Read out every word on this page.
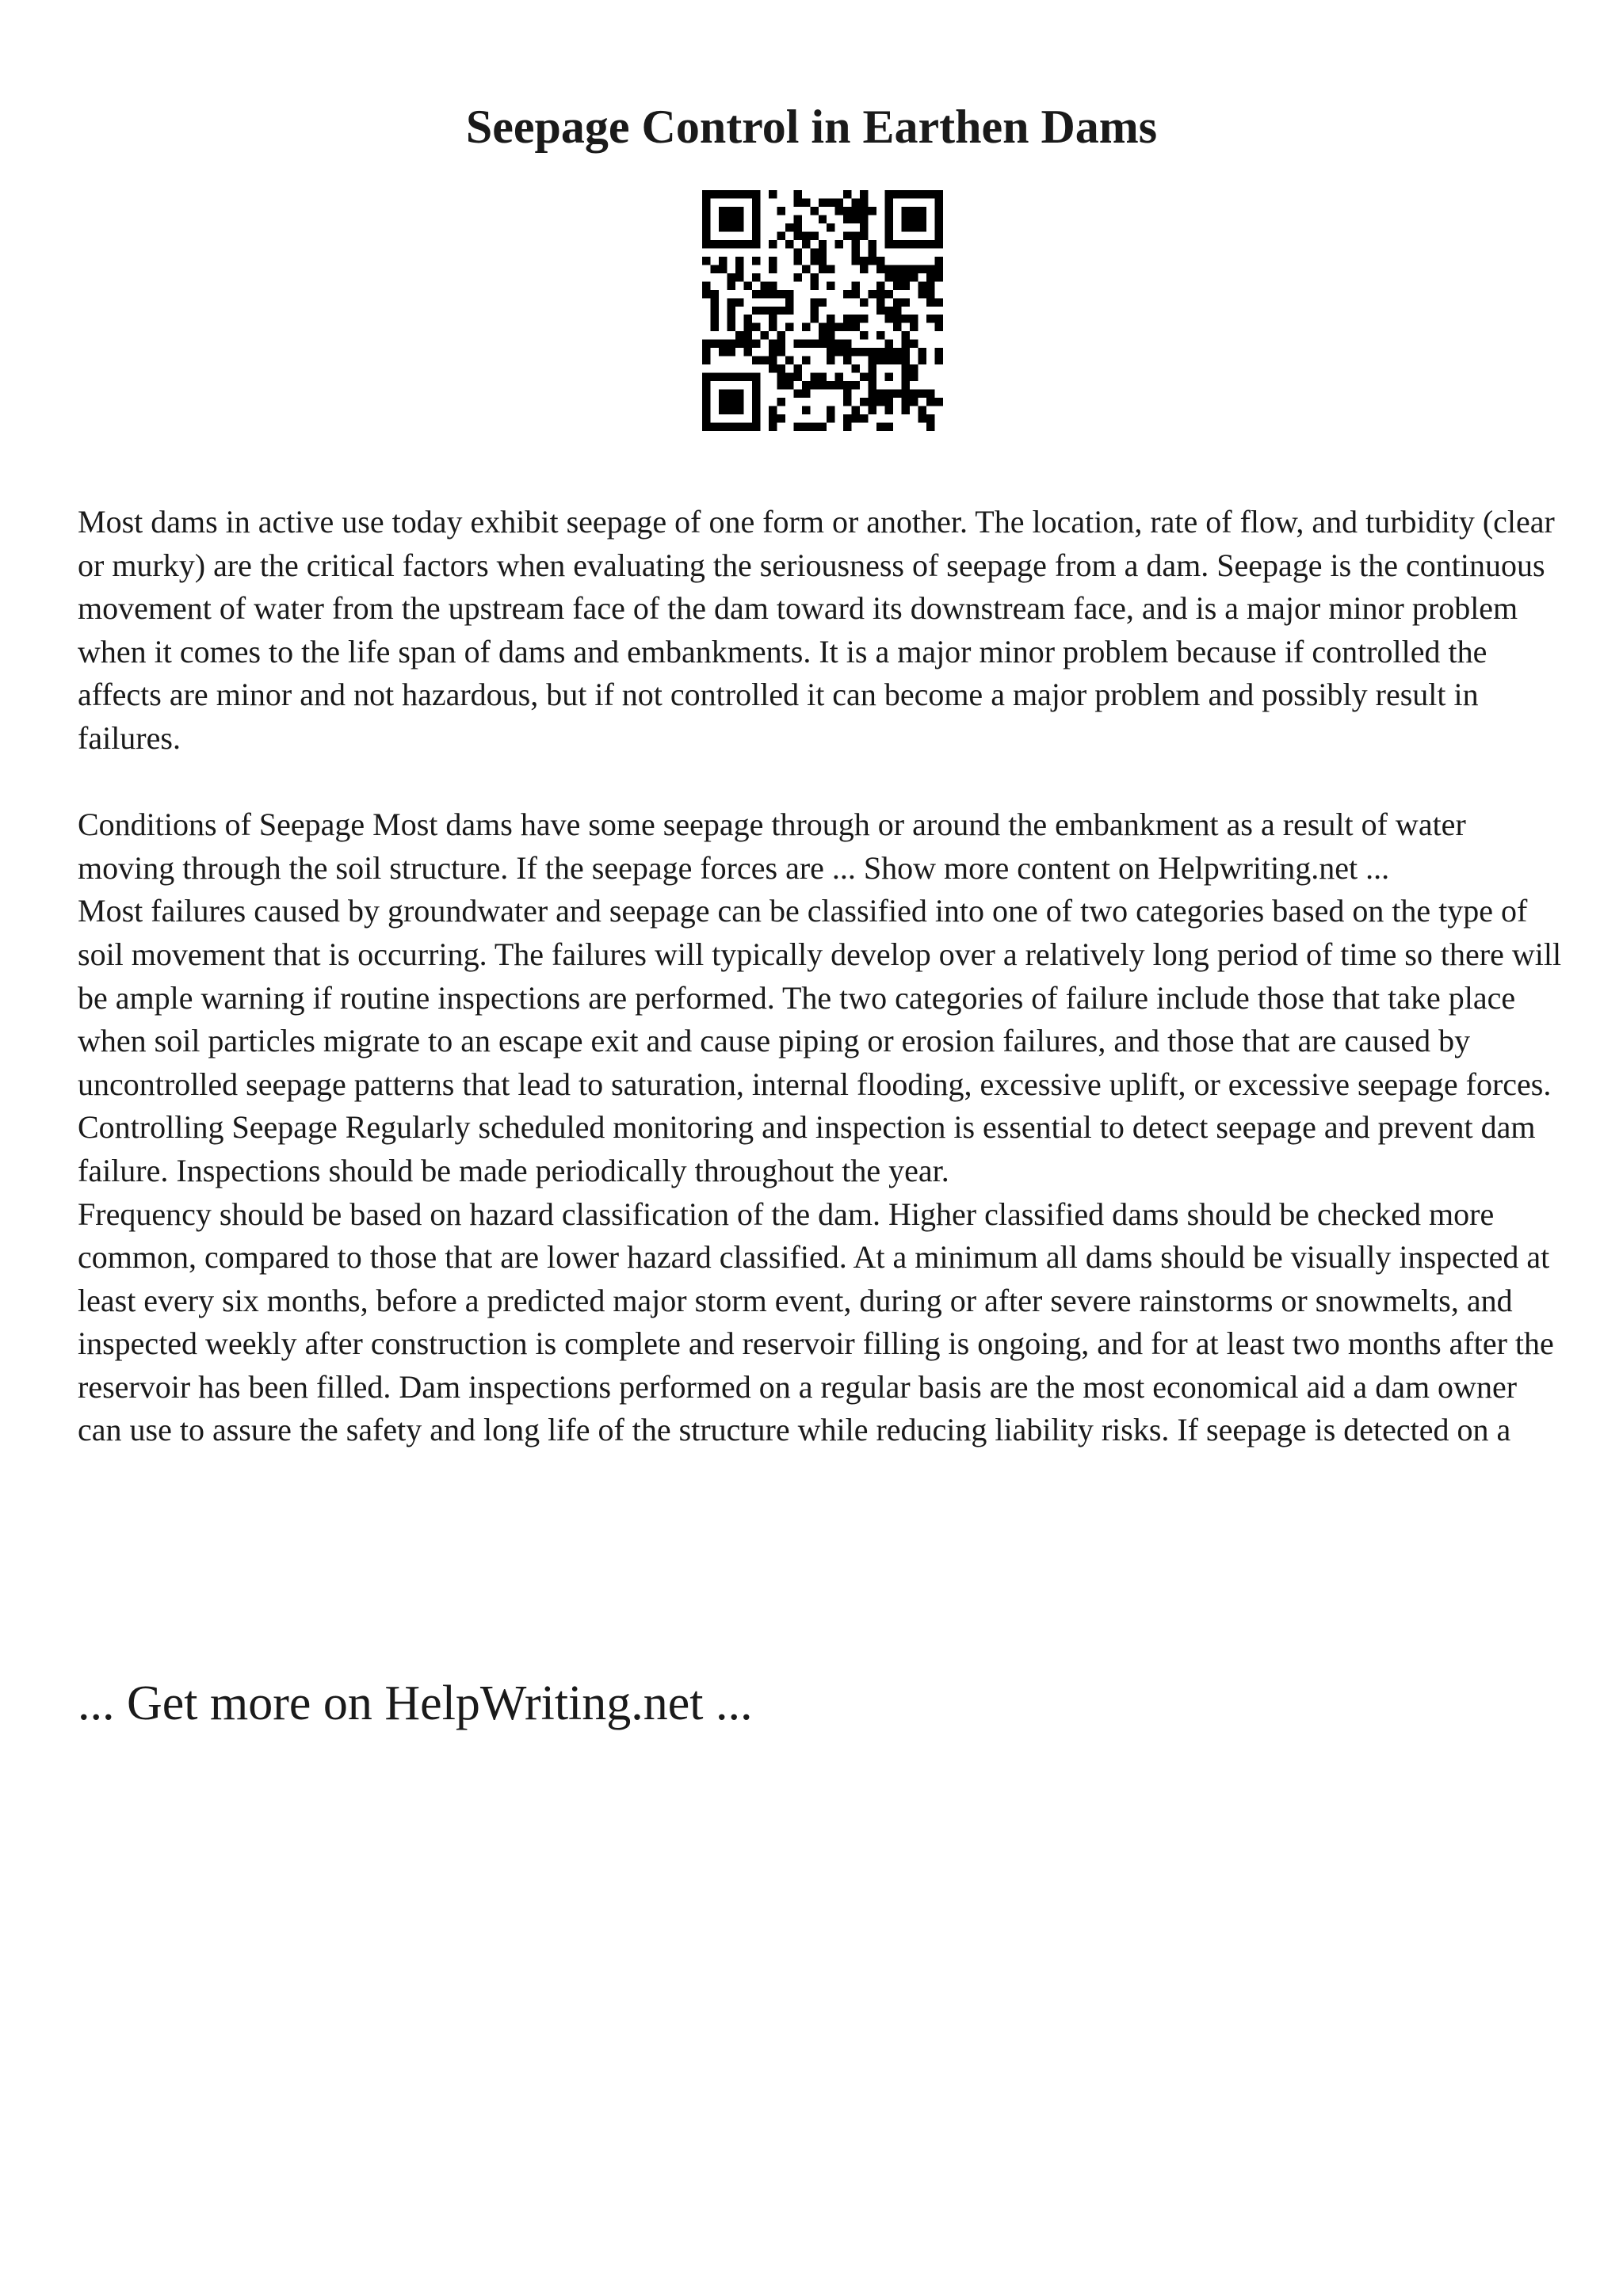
Seepage Control in Earthen Dams

Most dams in active use today exhibit seepage of one form or another. The location, rate of flow, and turbidity (clear or murky) are the critical factors when evaluating the seriousness of seepage from a dam. Seepage is the continuous movement of water from the upstream face of the dam toward its downstream face, and is a major minor problem when it comes to the life span of dams and embankments. It is a major minor problem because if controlled the affects are minor and not hazardous, but if not controlled it can become a major problem and possibly result in failures.

Conditions of Seepage Most dams have some seepage through or around the embankment as a result of water moving through the soil structure. If the seepage forces are ... Show more content on Helpwriting.net ...

Most failures caused by groundwater and seepage can be classified into one of two categories based on the type of soil movement that is occurring. The failures will typically develop over a relatively long period of time so there will be ample warning if routine inspections are performed. The two categories of failure include those that take place when soil particles migrate to an escape exit and cause piping or erosion failures, and those that are caused by uncontrolled seepage patterns that lead to saturation, internal flooding, excessive uplift, or excessive seepage forces.

Controlling Seepage Regularly scheduled monitoring and inspection is essential to detect seepage and prevent dam failure. Inspections should be made periodically throughout the year.

Frequency should be based on hazard classification of the dam. Higher classified dams should be checked more common, compared to those that are lower hazard classified. At a minimum all dams should be visually inspected at least every six months, before a predicted major storm event, during or after severe rainstorms or snowmelts, and inspected weekly after construction is complete and reservoir filling is ongoing, and for at least two months after the reservoir has been filled. Dam inspections performed on a regular basis are the most economical aid a dam owner can use to assure the safety and long life of the structure while reducing liability risks. If seepage is detected on a

... Get more on HelpWriting.net ...
